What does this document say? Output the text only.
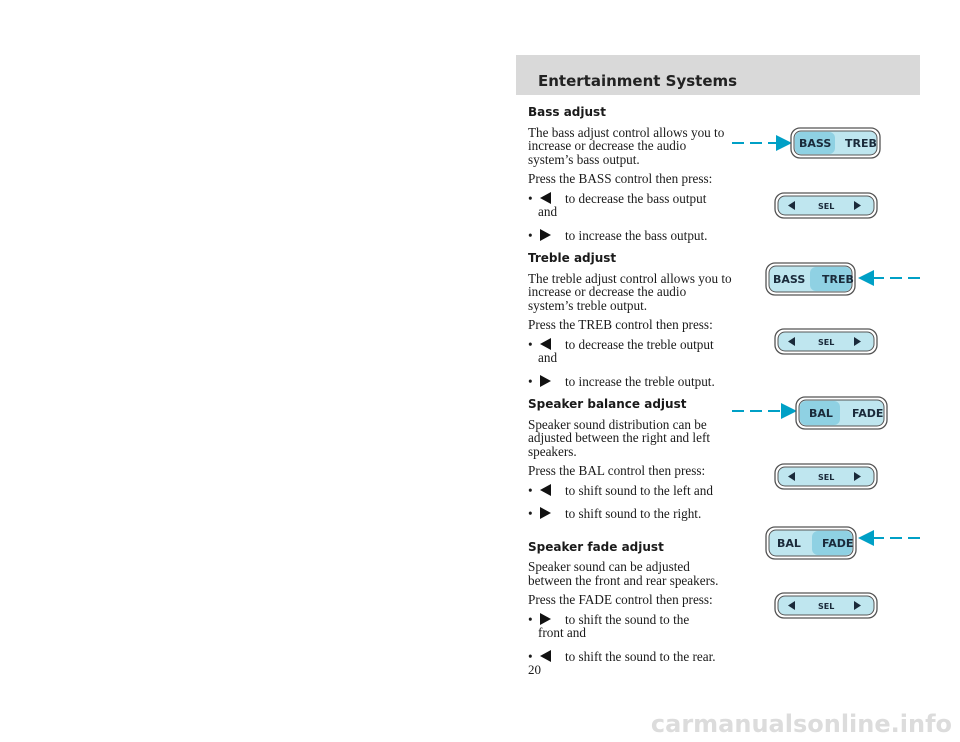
Entertainment Systems
Bass adjust
The bass adjust control allows you to increase or decrease the audio system’s bass output.
Press the BASS control then press:
• to decrease the bass output
and
• to increase the bass output.
Treble adjust
The treble adjust control allows you to increase or decrease the audio system’s treble output.
Press the TREB control then press:
• to decrease the treble output
and
• to increase the treble output.
Speaker balance adjust
Speaker sound distribution can be adjusted between the right and left speakers.
Press the BAL control then press:
• to shift sound to the left and
• to shift sound to the right.
Speaker fade adjust
Speaker sound can be adjusted between the front and rear speakers.
Press the FADE control then press:
• to shift the sound to the
front and
• to shift the sound to the rear.
BASS TREB
SEL
BASS TREB
SEL
BAL FADE
SEL
BAL FADE
SEL
20
carmanualsonline.info
